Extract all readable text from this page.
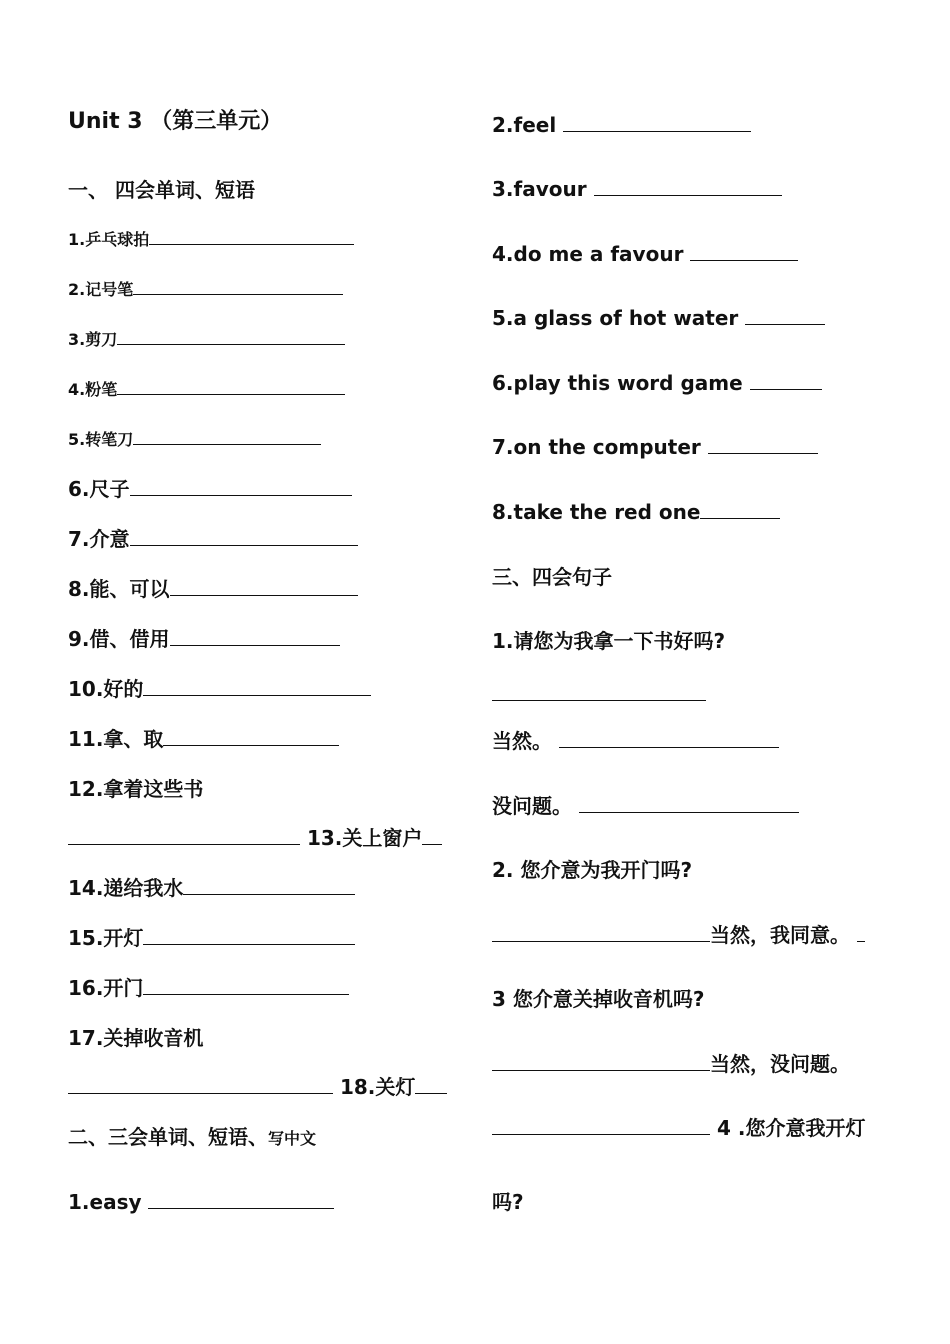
Unit 3 （第三单元）
一、 四会单词、短语
1.乒乓球拍
2.记号笔
3.剪刀
4.粉笔
5.转笔刀
6.尺子
7.介意
8.能、可以
9.借、借用
10.好的
11.拿、取
12.拿着这些书
13.关上窗户
14.递给我水
15.开灯
16.开门
17.关掉收音机
18.关灯
二、三会单词、短语、写中文
1.easy
2.feel
3.favour
4.do me a favour
5.a glass of hot water
6.play this word game
7.on the computer
8.take the red one
三、四会句子
1.请您为我拿一下书好吗?
当然。
没问题。
2. 您介意为我开门吗?
当然，我同意。
3 您介意关掉收音机吗?
当然，没问题。
4 .您介意我开灯
吗?
